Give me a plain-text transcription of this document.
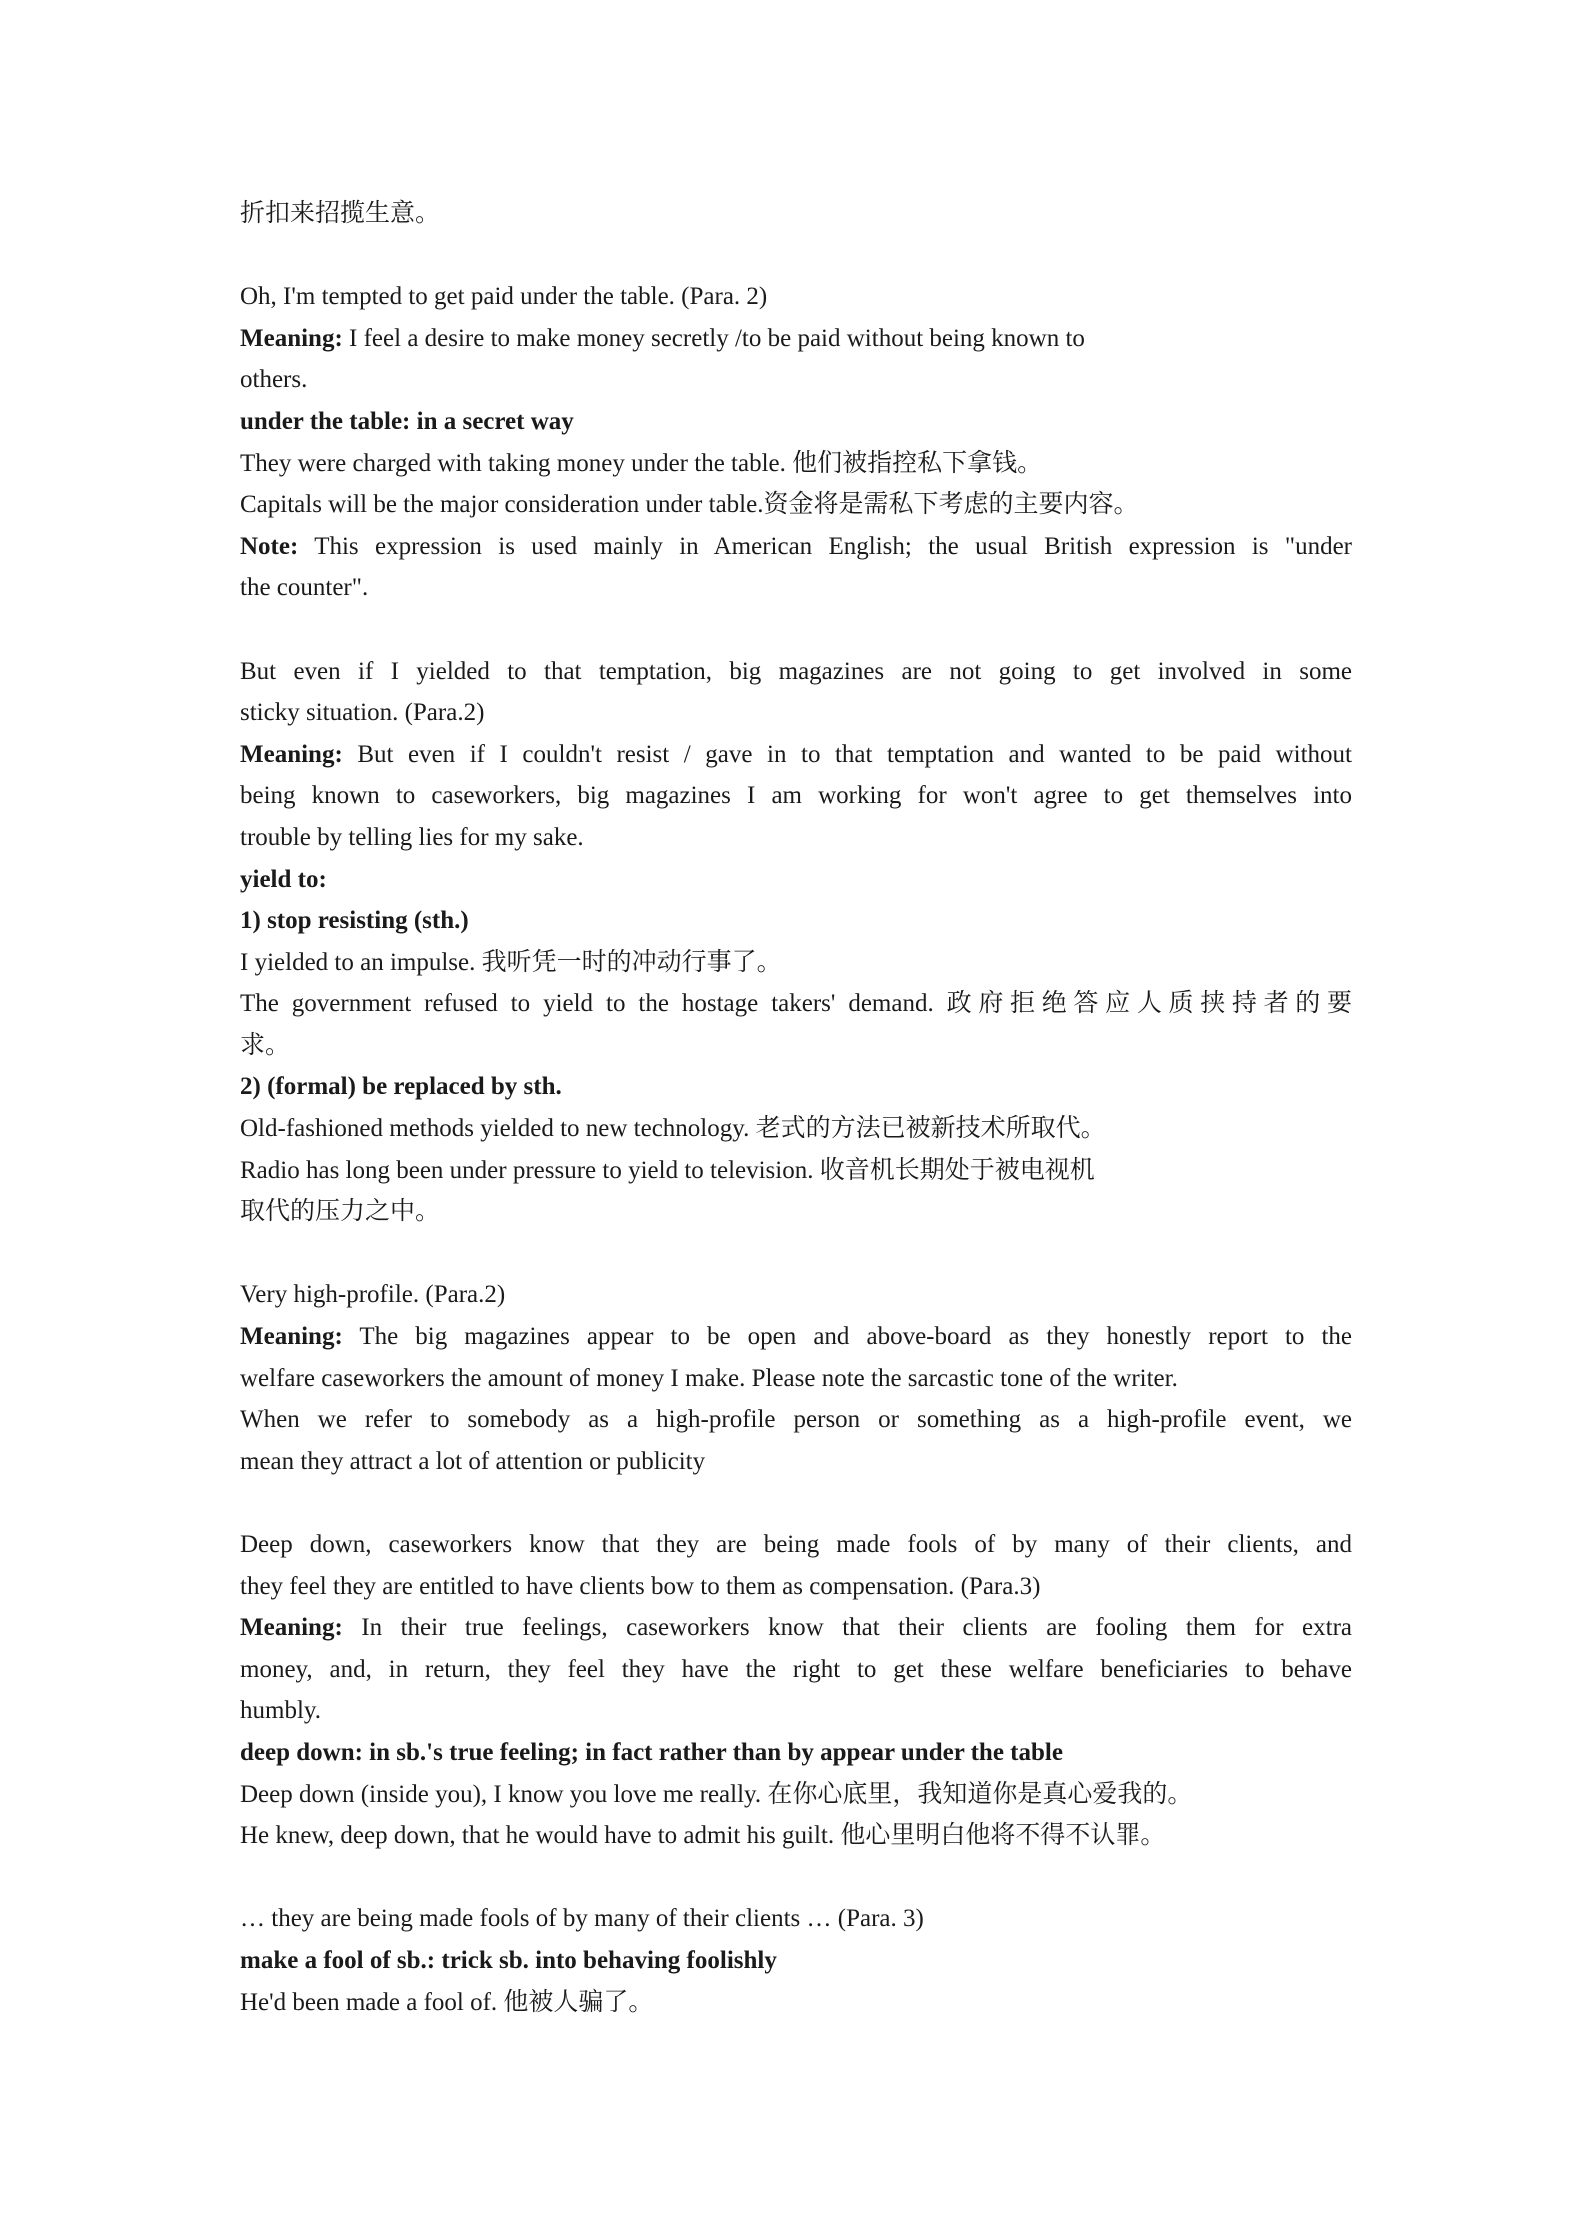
折扣来招揽生意。
Oh, I'm tempted to get paid under the table. (Para. 2)
Meaning: I feel a desire to make money secretly /to be paid without being known to
others.
under the table: in a secret way
They were charged with taking money under the table. 他们被指控私下拿钱。
Capitals will be the major consideration under table.资金将是需私下考虑的主要内容。
Note: This expression is used mainly in American English; the usual British expression is "under
the counter".
But even if I yielded to that temptation, big magazines are not going to get involved in some
sticky situation. (Para.2)
Meaning: But even if I couldn't resist / gave in to that temptation and wanted to be paid without
being known to caseworkers, big magazines I am working for won't agree to get themselves into
trouble by telling lies for my sake.
yield to:
1) stop resisting (sth.)
I yielded to an impulse. 我听凭一时的冲动行事了。
The government refused to yield to the hostage takers' demand. 政府拒绝答应人质挟持者的要
求。
2) (formal) be replaced by sth.
Old-fashioned methods yielded to new technology. 老式的方法已被新技术所取代。
Radio has long been under pressure to yield to television. 收音机长期处于被电视机
取代的压力之中。
Very high-profile. (Para.2)
Meaning: The big magazines appear to be open and above-board as they honestly report to the
welfare caseworkers the amount of money I make. Please note the sarcastic tone of the writer.
When we refer to somebody as a high-profile person or something as a high-profile event, we
mean they attract a lot of attention or publicity
Deep down, caseworkers know that they are being made fools of by many of their clients, and
they feel they are entitled to have clients bow to them as compensation. (Para.3)
Meaning: In their true feelings, caseworkers know that their clients are fooling them for extra
money, and, in return, they feel they have the right to get these welfare beneficiaries to behave
humbly.
deep down: in sb.'s true feeling; in fact rather than by appear under the table
Deep down (inside you), I know you love me really. 在你心底里，我知道你是真心爱我的。
He knew, deep down, that he would have to admit his guilt. 他心里明白他将不得不认罪。
… they are being made fools of by many of their clients … (Para. 3)
make a fool of sb.: trick sb. into behaving foolishly
He'd been made a fool of. 他被人骗了。
